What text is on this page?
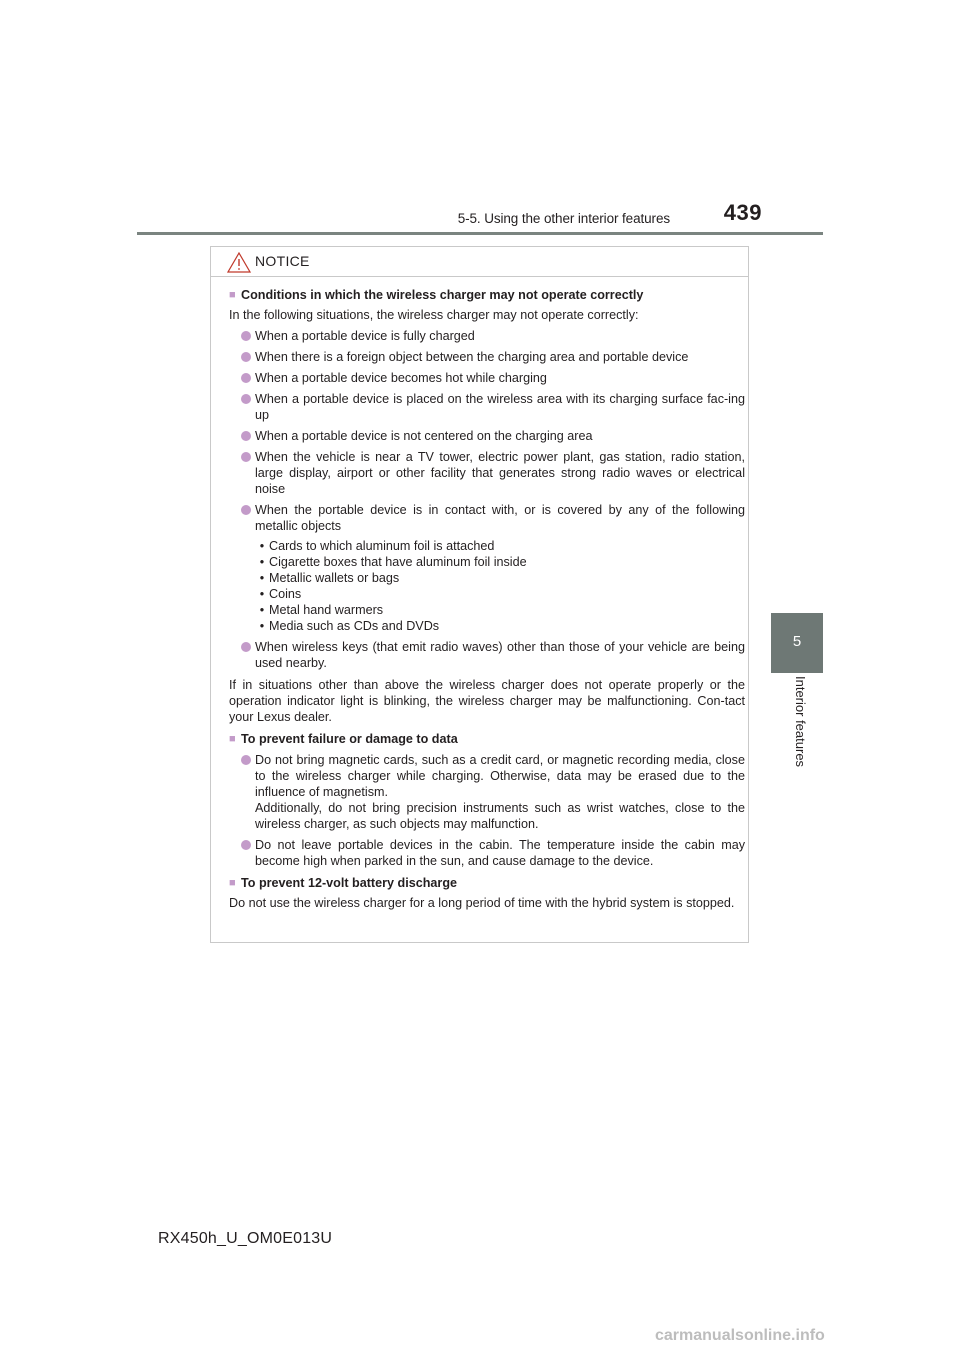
5-5. Using the other interior features	439
5
Interior features
NOTICE
■ Conditions in which the wireless charger may not operate correctly
In the following situations, the wireless charger may not operate correctly:
When a portable device is fully charged
When there is a foreign object between the charging area and portable device
When a portable device becomes hot while charging
When a portable device is placed on the wireless area with its charging surface fac-ing up
When a portable device is not centered on the charging area
When the vehicle is near a TV tower, electric power plant, gas station, radio station, large display, airport or other facility that generates strong radio waves or electrical noise
When the portable device is in contact with, or is covered by any of the following metallic objects
• Cards to which aluminum foil is attached
• Cigarette boxes that have aluminum foil inside
• Metallic wallets or bags
• Coins
• Metal hand warmers
• Media such as CDs and DVDs
When wireless keys (that emit radio waves) other than those of your vehicle are being used nearby.
If in situations other than above the wireless charger does not operate properly or the operation indicator light is blinking, the wireless charger may be malfunctioning. Con-tact your Lexus dealer.
■ To prevent failure or damage to data
Do not bring magnetic cards, such as a credit card, or magnetic recording media, close to the wireless charger while charging. Otherwise, data may be erased due to the influence of magnetism.
Additionally, do not bring precision instruments such as wrist watches, close to the wireless charger, as such objects may malfunction.
Do not leave portable devices in the cabin. The temperature inside the cabin may become high when parked in the sun, and cause damage to the device.
■ To prevent 12-volt battery discharge
Do not use the wireless charger for a long period of time with the hybrid system is stopped.
RX450h_U_OM0E013U
carmanualsonline.info
